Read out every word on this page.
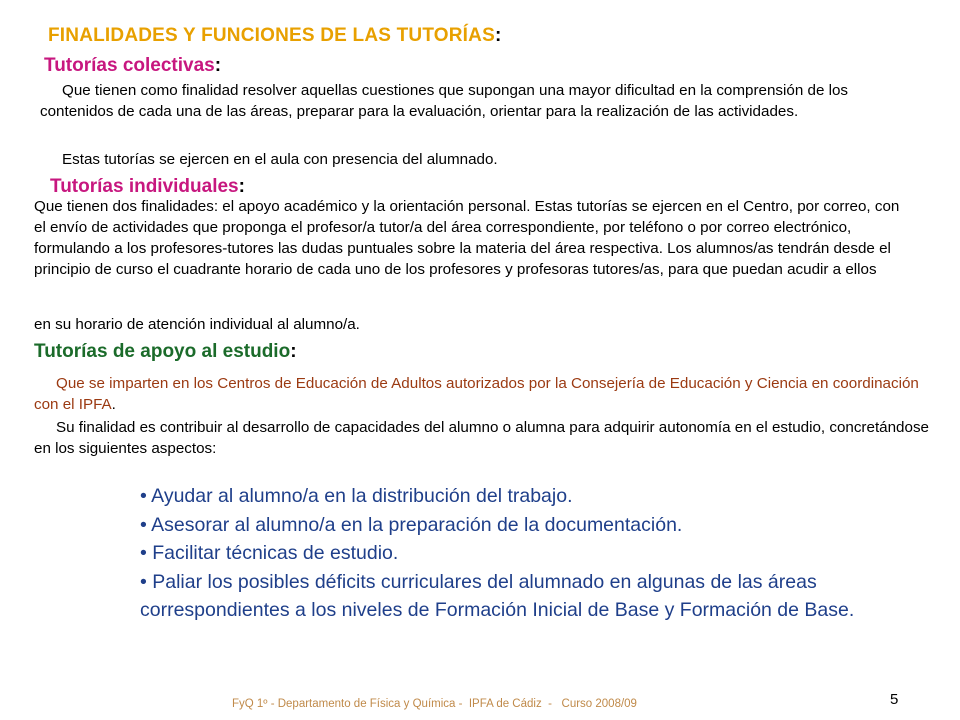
FINALIDADES Y FUNCIONES DE LAS TUTORÍAS:
Tutorías colectivas:
Que tienen como finalidad resolver aquellas cuestiones que supongan una mayor dificultad en la comprensión de los contenidos de cada una de las áreas, preparar para la evaluación, orientar para la realización de las actividades.
Estas tutorías se ejercen en el aula con presencia del alumnado.
Tutorías individuales:
Que tienen dos finalidades: el apoyo académico y la orientación personal. Estas tutorías se ejercen en el Centro, por correo, con el envío de actividades que proponga el profesor/a tutor/a del área correspondiente, por teléfono o por correo electrónico, formulando a los profesores-tutores las dudas puntuales sobre la materia del área respectiva. Los alumnos/as tendrán desde el principio de curso el cuadrante horario de cada uno de los profesores y profesoras tutores/as, para que puedan acudir a ellos
en su horario de atención individual al alumno/a.
Tutorías de apoyo al estudio:
Que se imparten en los Centros de Educación de Adultos autorizados por la Consejería de Educación y Ciencia en coordinación con el IPFA.
Su finalidad es contribuir al desarrollo de capacidades del alumno o alumna para adquirir autonomía en el estudio, concretándose en los siguientes aspectos:
• Ayudar al alumno/a en la distribución del trabajo.
• Asesorar al alumno/a en la preparación de la documentación.
• Facilitar técnicas de estudio.
• Paliar los posibles déficits curriculares del alumnado en algunas de las áreas correspondientes a los niveles de Formación Inicial de Base y Formación de Base.
FyQ 1º - Departamento de Física y Química -  IPFA de Cádiz  -   Curso 2008/09	5
